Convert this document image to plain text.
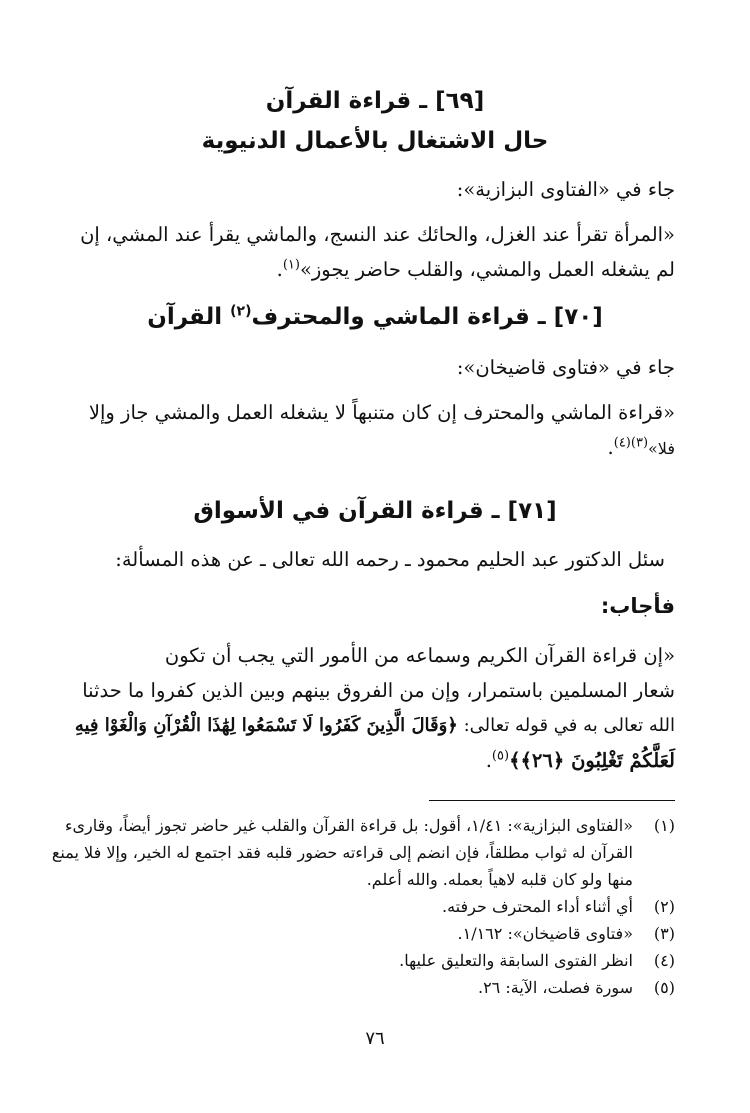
[٦٩] ـ قراءة القرآن
حال الاشتغال بالأعمال الدنيوية
جاء في «الفتاوى البزازية»:
«المرأة تقرأ عند الغزل، والحائك عند النسج، والماشي يقرأ عند المشي، إن
لم يشغله العمل والمشي، والقلب حاضر يجوز»$^{(١)}$.
[٧٠] ـ قراءة الماشي والمحترف$^{(٢)}$ القرآن
جاء في «فتاوى قاضيخان»:
«قراءة الماشي والمحترف إن كان متنبهاً لا يشغله العمل والمشي جاز وإلا
فلا»$^{(٣)(٤)}$.
[٧١] ـ قراءة القرآن في الأسواق
سئل الدكتور عبد الحليم محمود ـ رحمه الله تعالى ـ عن هذه المسألة:
فأجاب:
«إن قراءة القرآن الكريم وسماعه من الأمور التي يجب أن تكون
شعار المسلمين باستمرار، وإن من الفروق بينهم وبين الذين كفروا ما حدثنا
الله تعالى به في قوله تعالى: ﴿وَقَالَ الَّذِينَ كَفَرُوا لَا تَسْمَعُوا لِهَٰذَا الْقُرْآنِ وَالْغَوْا فِيهِ
لَعَلَّكُمْ تَغْلِبُونَ ﴿٢٦﴾﴾$^{(٥)}$.
(١)
«الفتاوى البزازية»: ١/٤١، أقول: بل قراءة القرآن والقلب غير حاضر تجوز أيضاً، وقارىء
القرآن له ثواب مطلقاً، فإن انضم إلى قراءته حضور قلبه فقد اجتمع له الخير، وإلا فلا يمنع
منها ولو كان قلبه لاهياً بعمله. والله أعلم.
(٢)
أي أثناء أداء المحترف حرفته.
(٣)
«فتاوى قاضيخان»: ١/١٦٢.
(٤)
انظر الفتوى السابقة والتعليق عليها.
(٥)
سورة فصلت، الآية: ٢٦.
٧٦
